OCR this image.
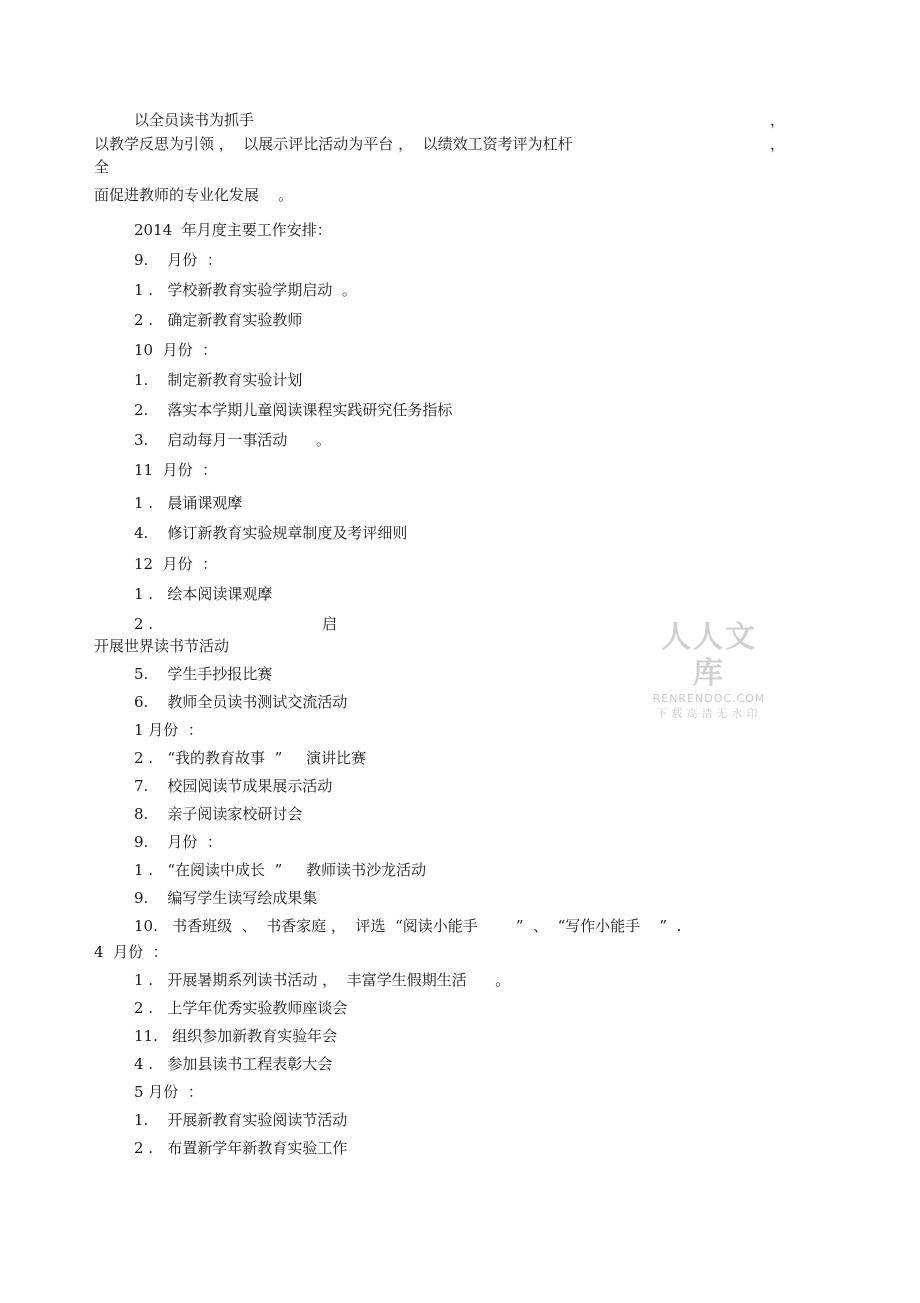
以全员读书为抓手	，
以教学反思为引领 ，  以展示评比活动为平台 ，  以绩效工资考评为杠杆	，
全
面促进教师的专业化发展    。
2014  年月度主要工作安排：
9.    月份  ：
1 .   学校新教育实验学期启动  。
2 .   确定新教育实验教师
10  月份  ：
1.    制定新教育实验计划
2.    落实本学期儿童阅读课程实践研究任务指标
3.    启动每月一事活动      。
11  月份  ：
1 .   晨诵课观摩
4.    修订新教育实验规章制度及考评细则
12  月份  ：
1 .   绘本阅读课观摩
2 .	启
开展世界读书节活动
5.    学生手抄报比赛
6.    教师全员读书测试交流活动
1 月份  ：
2 .   “我的教育故事  ”     演讲比赛
7.    校园阅读节成果展示活动
8.    亲子阅读家校研讨会
9.    月份  ：
1 .   “在阅读中成长  ”     教师读书沙龙活动
9.    编写学生读写绘成果集
10.   书香班级  、  书香家庭 ，  评选  “阅读小能手        ”  、  “写作小能手    ”  .
4  月份  ：
1 .   开展暑期系列读书活动 ，  丰富学生假期生活      。
2 .   上学年优秀实验教师座谈会
11.   组织参加新教育实验年会
4 .   参加县读书工程表彰大会
5 月份  ：
1.    开展新教育实验阅读节活动
2 .   布置新学年新教育实验工作
人人文库
RENRENDOC.COM
下载高清无水印
